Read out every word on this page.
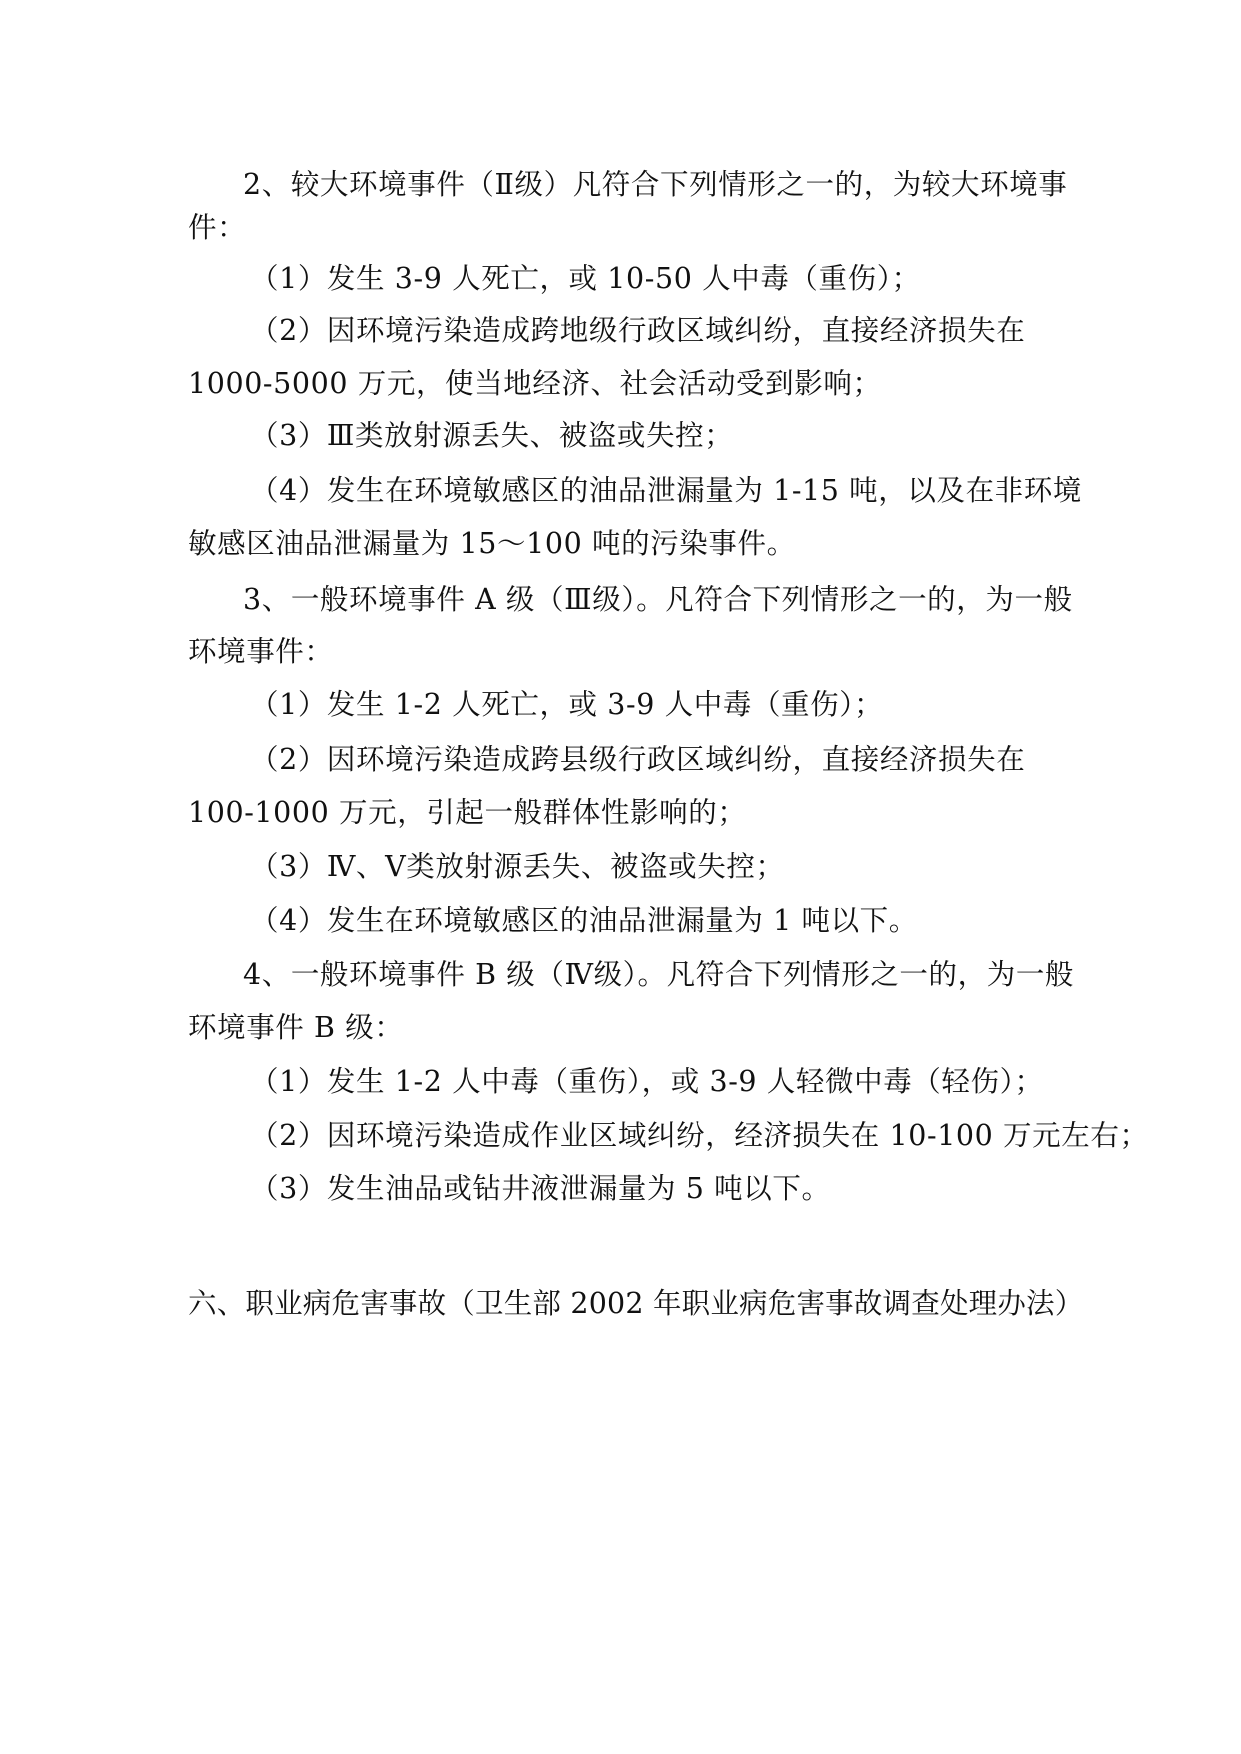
2、较大环境事件（Ⅱ级）凡符合下列情形之一的，为较大环境事
件：
（1）发生 3-9 人死亡，或 10-50 人中毒（重伤）；
（2）因环境污染造成跨地级行政区域纠纷，直接经济损失在
1000-5000 万元，使当地经济、社会活动受到影响；
（3）Ⅲ类放射源丢失、被盗或失控；
（4）发生在环境敏感区的油品泄漏量为 1-15 吨，以及在非环境
敏感区油品泄漏量为 15～100 吨的污染事件。
3、一般环境事件 A 级（Ⅲ级）。凡符合下列情形之一的，为一般
环境事件：
（1）发生 1-2 人死亡，或 3-9 人中毒（重伤）；
（2）因环境污染造成跨县级行政区域纠纷，直接经济损失在
100-1000 万元，引起一般群体性影响的；
（3）Ⅳ、Ⅴ类放射源丢失、被盗或失控；
（4）发生在环境敏感区的油品泄漏量为 1 吨以下。
4、一般环境事件 B 级（Ⅳ级）。凡符合下列情形之一的，为一般
环境事件 B 级：
（1）发生 1-2 人中毒（重伤），或 3-9 人轻微中毒（轻伤）；
（2）因环境污染造成作业区域纠纷，经济损失在 10-100 万元左右；
（3）发生油品或钻井液泄漏量为 5 吨以下。
六、职业病危害事故（卫生部 2002 年职业病危害事故调查处理办法）
